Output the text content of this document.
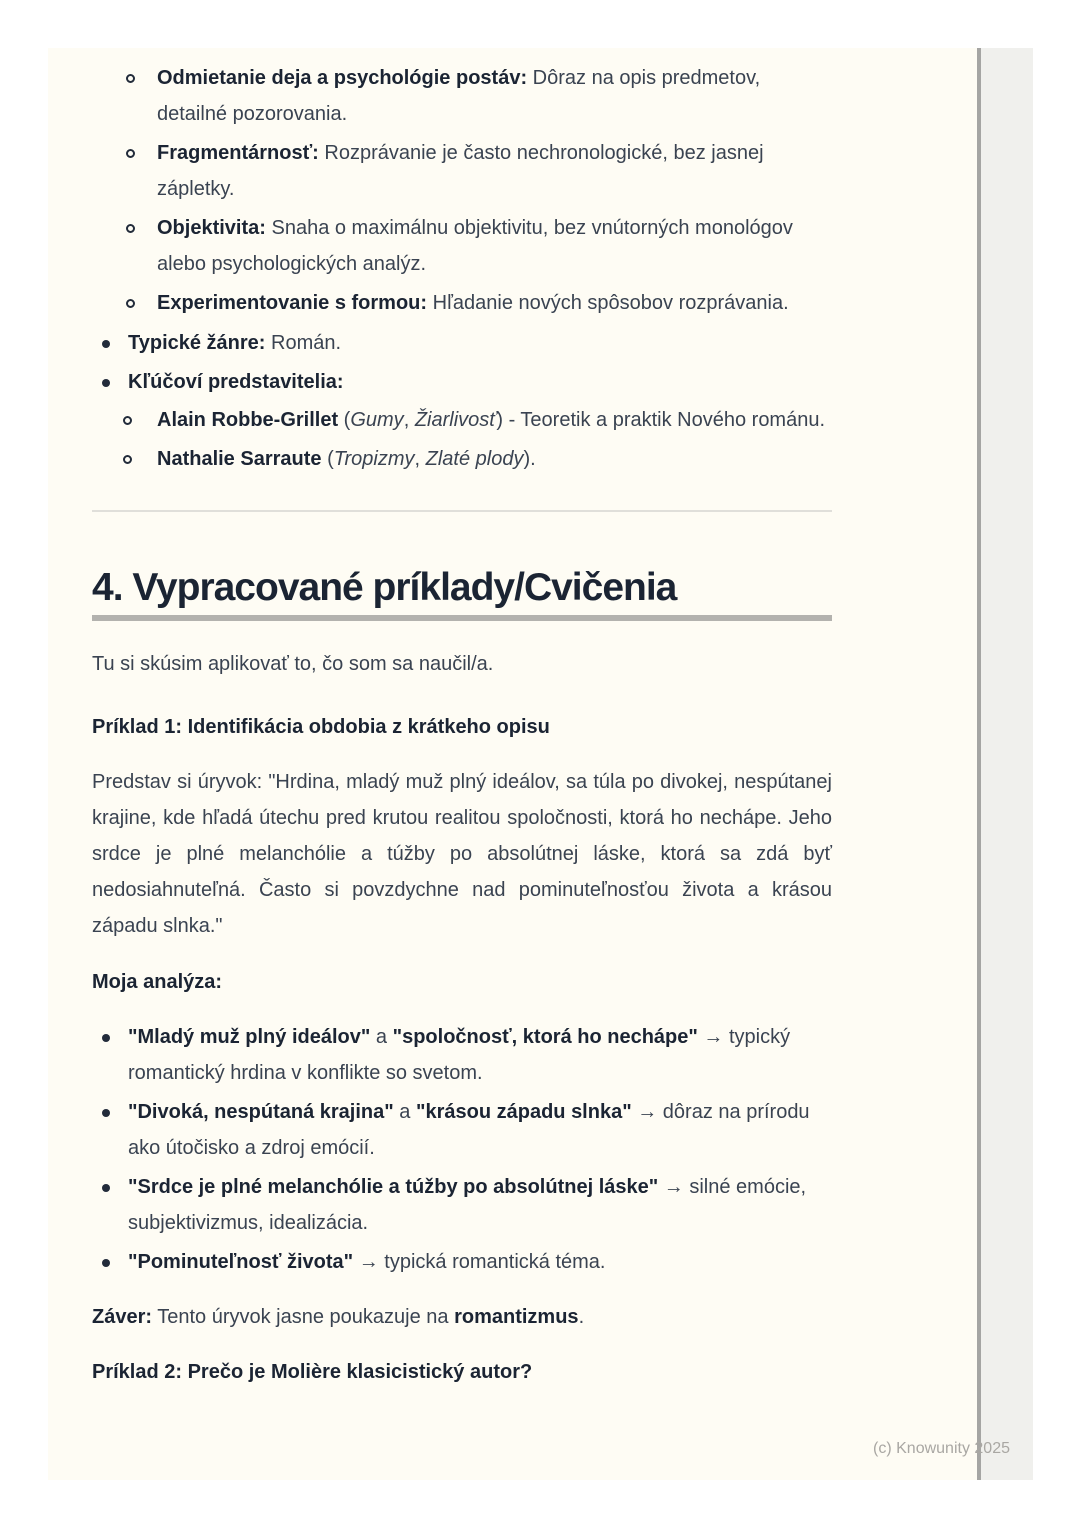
Odmietanie deja a psychológie postáv: Dôraz na opis predmetov, detailné pozorovania.
Fragmentárnosť: Rozprávanie je často nechronologické, bez jasnej zápletky.
Objektivita: Snaha o maximálnu objektivitu, bez vnútorných monológov alebo psychologických analýz.
Experimentovanie s formou: Hľadanie nových spôsobov rozprávania.
Typické žánre: Román.
Kľúčoví predstavitelia:
Alain Robbe-Grillet (Gumy, Žiarlivosť) - Teoretik a praktik Nového románu.
Nathalie Sarraute (Tropizmy, Zlaté plody).
4. Vypracované príklady/Cvičenia

Tu si skúsim aplikovať to, čo som sa naučil/a.

Príklad 1: Identifikácia obdobia z krátkeho opisu

Predstav si úryvok: "Hrdina, mladý muž plný ideálov, sa túla po divokej, nespútanej krajine, kde hľadá útechu pred krutou realitou spoločnosti, ktorá ho nechápe. Jeho srdce je plné melanchólie a túžby po absolútnej láske, ktorá sa zdá byť nedosiahnuteľná. Často si povzdychne nad pominuteľnosťou života a krásou západu slnka."

Moja analýza:

"Mladý muž plný ideálov" a "spoločnosť, ktorá ho nechápe" → typický romantický hrdina v konflikte so svetom.
"Divoká, nespútaná krajina" a "krásou západu slnka" → dôraz na prírodu ako útočisko a zdroj emócií.
"Srdce je plné melanchólie a túžby po absolútnej láske" → silné emócie, subjektivizmus, idealizácia.
"Pominuteľnosť života" → typická romantická téma.

Záver: Tento úryvok jasne poukazuje na romantizmus.

Príklad 2: Prečo je Molière klasicistický autor?

(c) Knowunity 2025
